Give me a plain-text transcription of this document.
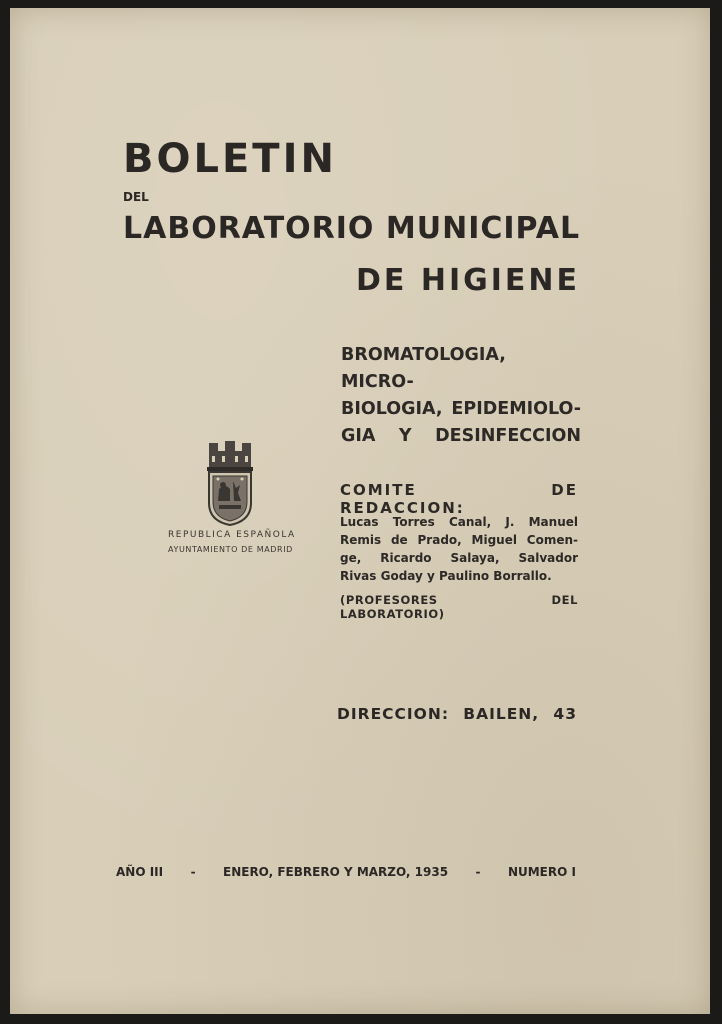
BOLETIN
DEL
LABORATORIO MUNICIPAL
DE HIGIENE
BROMATOLOGIA, MICRO-
BIOLOGIA, EPIDEMIOLO-
GIA Y DESINFECCION
REPUBLICA ESPAÑOLA
AYUNTAMIENTO DE MADRID
COMITE DE REDACCION:
Lucas Torres Canal, J. Manuel
Remis de Prado, Miguel Comen-
ge, Ricardo Salaya, Salvador
Rivas Goday y Paulino Borrallo.
(PROFESORES DEL LABORATORIO)
DIRECCION: BAILEN, 43
AÑO III - ENERO, FEBRERO Y MARZO, 1935 - NUMERO I
